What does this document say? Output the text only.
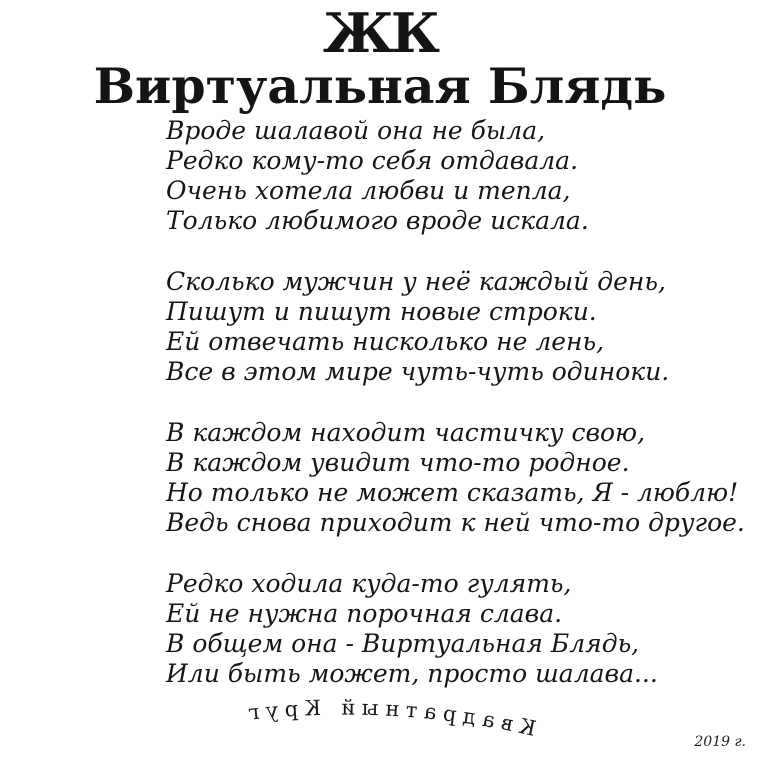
ЖК
Виртуальная Блядь
Вроде шалавой она не была,
Редко кому-то себя отдавала.
Очень хотела любви и тепла,
Только любимого вроде искала.
Сколько мужчин у неё каждый день,
Пишут и пишут новые строки.
Ей отвечать нисколько не лень,
Все в этом мире чуть-чуть одиноки.
В каждом находит частичку свою,
В каждом увидит что-то родное.
Но только не может сказать, Я - люблю!
Ведь снова приходит к ней что-то другое.
Редко ходила куда-то гулять,
Ей не нужна порочная слава.
В общем она - Виртуальная Блядь,
Или быть может, просто шалава...
Квадратный Круг
2019 г.
